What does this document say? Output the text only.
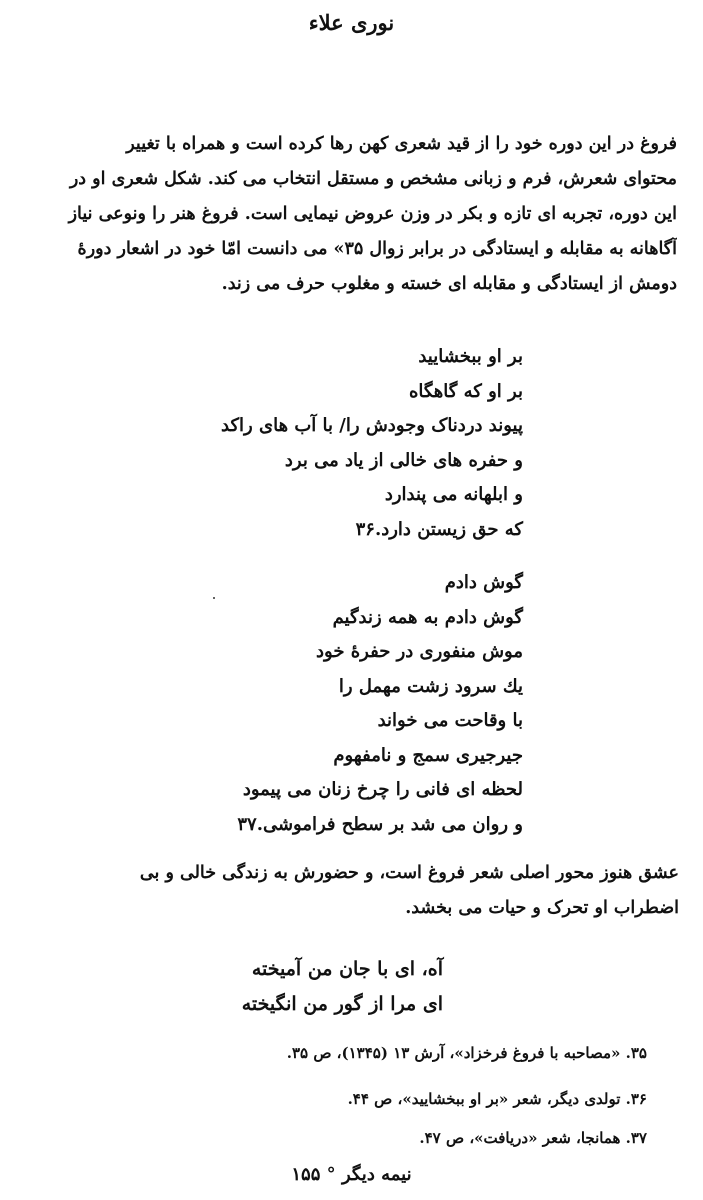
نوری علاء
فروغ در این دوره خود را از قید شعری کهن رها کرده است و همراه با تغییر
محتوای شعرش، فرم و زبانی مشخص و مستقل انتخاب می کند. شکل شعری او در
این دوره، تجربه ای تازه و بکر در وزن عروض نیمایی است. فروغ هنر را ونوعی نیاز
آگاهانه به مقابله و ایستادگی در برابر زوال ۳۵» می دانست امّا خود در اشعار دورهٔ
دومش از ایستادگی و مقابله ای خسته و مغلوب حرف می زند.
بر او ببخشایید
بر او که گاهگاه
پیوند دردناک وجودش را/ با آب های راکد
و حفره های خالی از یاد می برد
و ابلهانه می پندارد
که حق زیستن دارد.۳۶
گوش دادم
گوش دادم به همه زندگیم
موش منفوری در حفرهٔ خود
یك سرود زشت مهمل را
با وقاحت می خواند
جیرجیری سمج و نامفهوم
لحظه ای فانی را چرخ زنان می پیمود
و روان می شد بر سطح فراموشی.۳۷
عشق هنوز محور اصلی شعر فروغ است، و حضورش به زندگی خالی و بی
اضطراب او تحرک و حیات می بخشد.
آه، ای با جان من آمیخته
ای مرا از گور من انگیخته
۳۵. «مصاحبه با فروغ فرخزاد»، آرش ۱۳ (۱۳۴۵)، ص ۳۵.
۳۶. تولدی دیگر، شعر «بر او ببخشایید»، ص ۴۴.
۳۷. همانجا، شعر «دریافت»، ص ۴۷.
نیمه دیگر ° ۱۵۵
